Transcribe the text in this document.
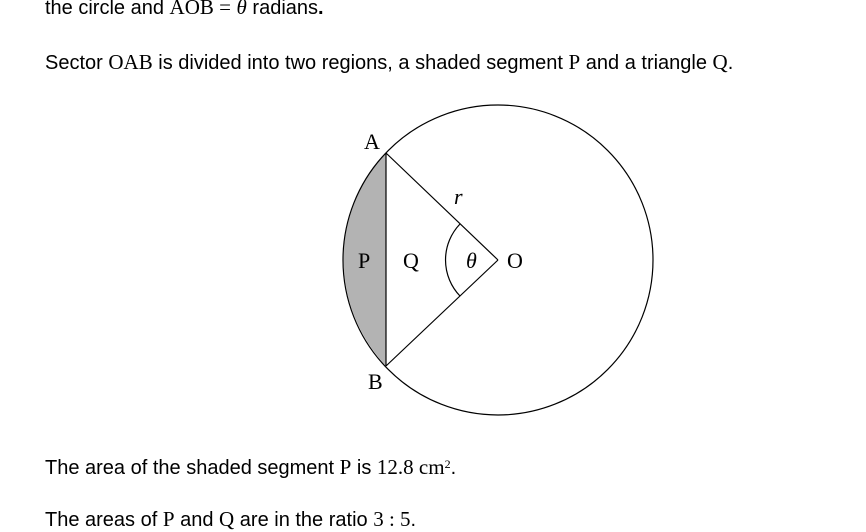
the circle and AOB = θ radians.
Sector OAB is divided into two regions, a shaded segment P and a triangle Q.
A
B
O
P Q
r
θ
The area of the shaded segment P is 12.8 $cm^2$.
The areas of P and Q are in the ratio 3 : 5.
